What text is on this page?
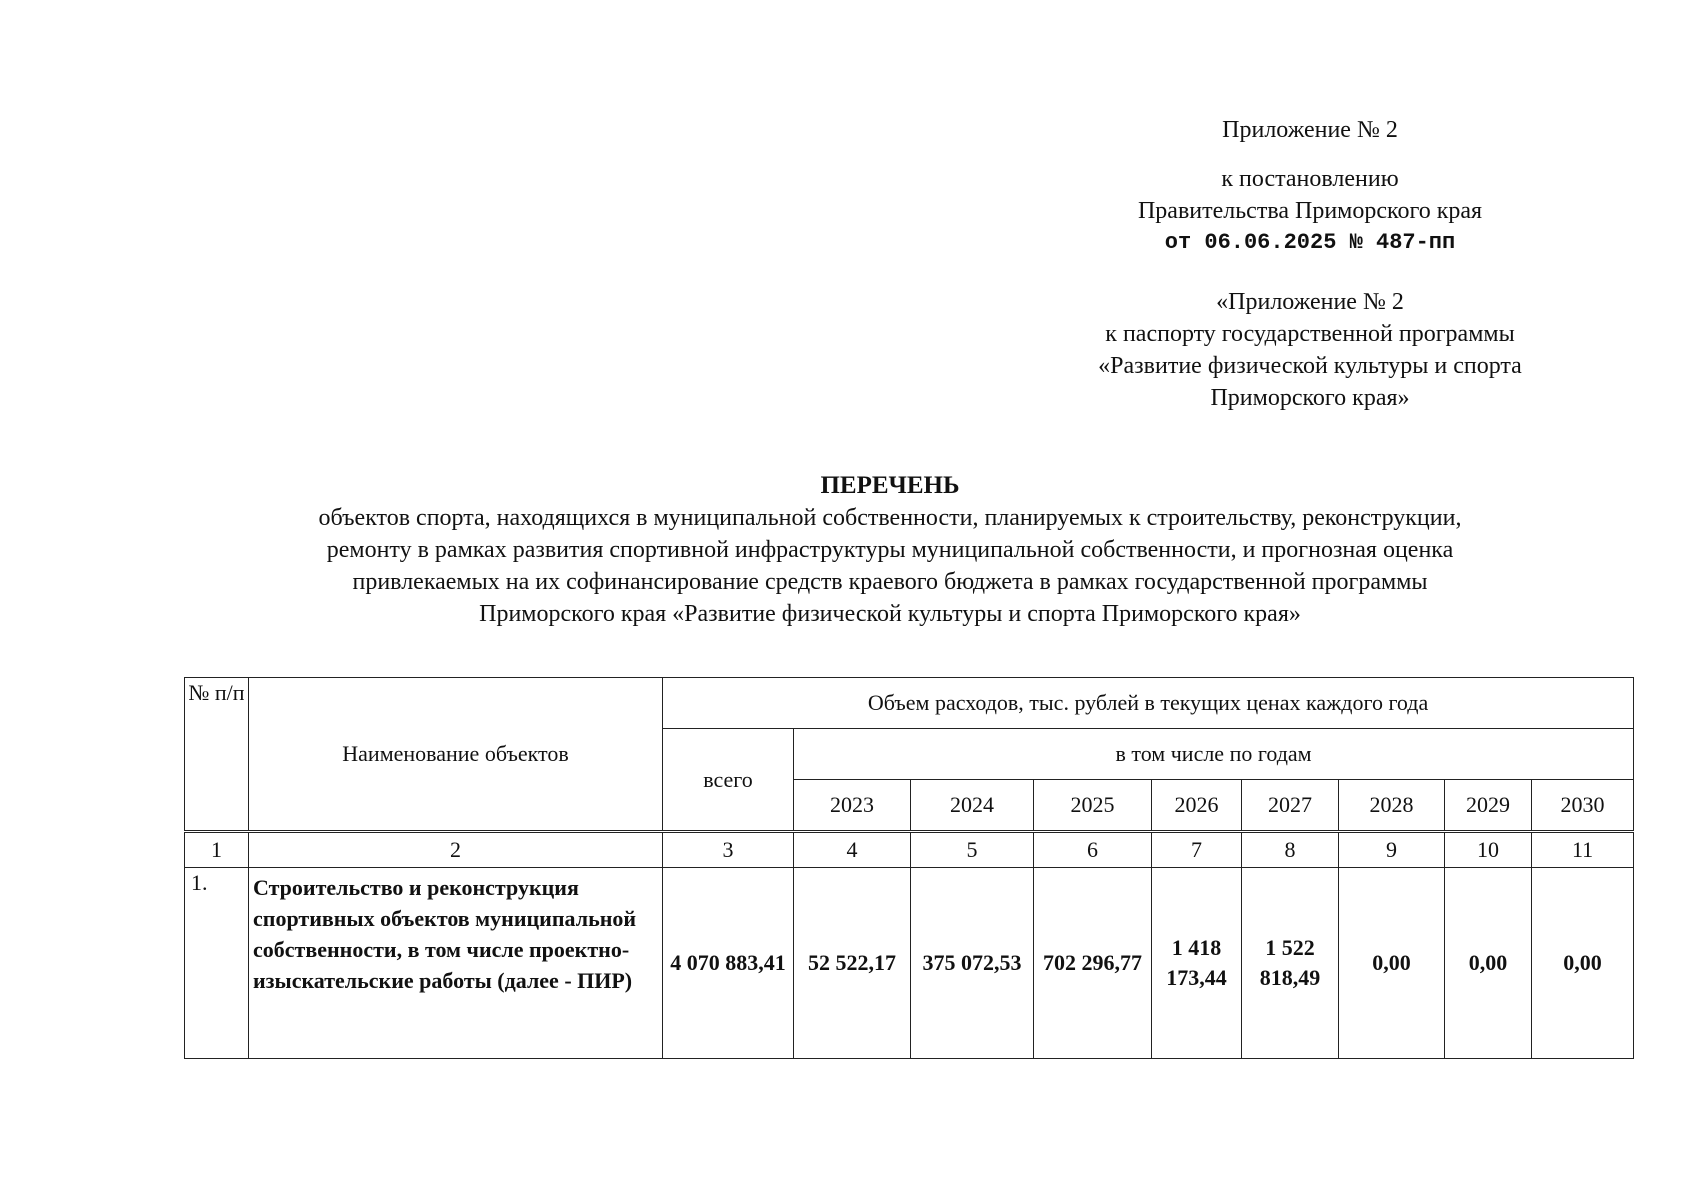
Приложение № 2
к постановлению
Правительства Приморского края
от 06.06.2025 № 487-пп
«Приложение № 2
к паспорту государственной программы
«Развитие физической культуры и спорта
Приморского края»
ПЕРЕЧЕНЬ
объектов спорта, находящихся в муниципальной собственности, планируемых к строительству, реконструкции,
ремонту в рамках развития спортивной инфраструктуры муниципальной собственности, и прогнозная оценка
привлекаемых на их софинансирование средств краевого бюджета в рамках государственной программы
Приморского края «Развитие физической культуры и спорта Приморского края»
№ п/п	Наименование объектов	Объем расходов, тыс. рублей в текущих ценах каждого года								
		всего	в том числе по годам							
			2023	2024	2025	2026	2027	2028	2029	2030
1	2	3	4	5	6	7	8	9	10	11
1.	Строительство и реконструкция спортивных объектов муниципальной собственности, в том числе проектно-изыскательские работы (далее - ПИР)	4 070 883,41	52 522,17	375 072,53	702 296,77	1 418 173,44	1 522 818,49	0,00	0,00	0,00
